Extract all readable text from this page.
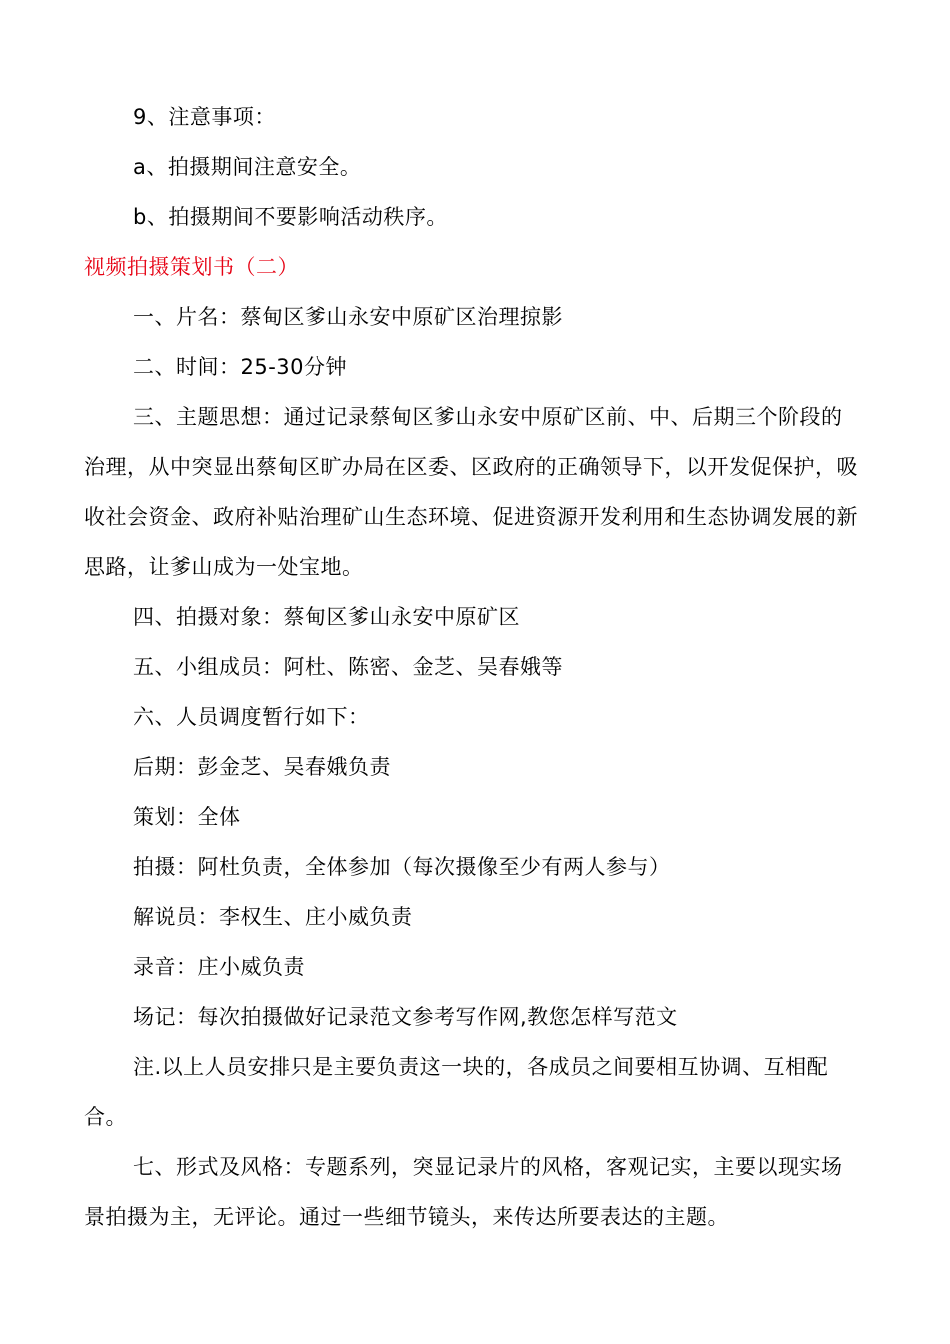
9、注意事项：

a、拍摄期间注意安全。

b、拍摄期间不要影响活动秩序。

视频拍摄策划书（二）

一、片名：蔡甸区爹山永安中原矿区治理掠影

二、时间：25-30分钟

三、主题思想：通过记录蔡甸区爹山永安中原矿区前、中、后期三个阶段的治理，从中突显出蔡甸区旷办局在区委、区政府的正确领导下，以开发促保护，吸收社会资金、政府补贴治理矿山生态环境、促进资源开发利用和生态协调发展的新思路，让爹山成为一处宝地。

四、拍摄对象：蔡甸区爹山永安中原矿区

五、小组成员：阿杜、陈密、金芝、吴春娥等

六、人员调度暂行如下：

后期：彭金芝、吴春娥负责

策划：全体

拍摄：阿杜负责，全体参加（每次摄像至少有两人参与）

解说员：李权生、庄小威负责

录音：庄小威负责

场记：每次拍摄做好记录范文参考写作网,教您怎样写范文

注.以上人员安排只是主要负责这一块的，各成员之间要相互协调、互相配合。

七、形式及风格：专题系列，突显记录片的风格，客观记实，主要以现实场景拍摄为主，无评论。通过一些细节镜头，来传达所要表达的主题。
